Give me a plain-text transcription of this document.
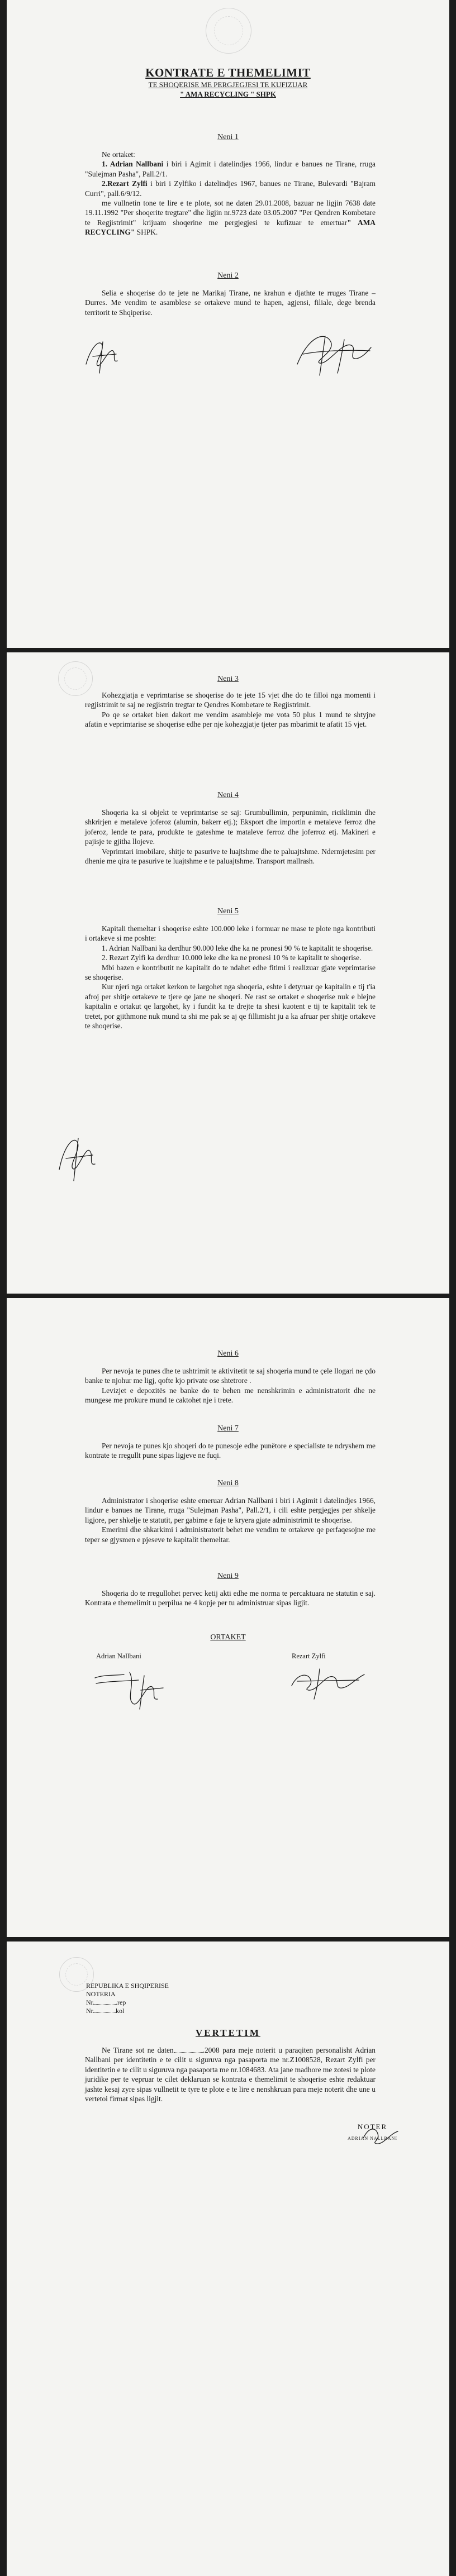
KONTRATE E THEMELIMIT

TE SHOQERISE ME PERGJEGJESI TE KUFIZUAR

" AMA RECYCLING " SHPK

Neni 1

Ne ortaket:

1. Adrian Nallbani i biri i Agimit i datelindjes 1966, lindur e banues ne Tirane, rruga "Sulejman Pasha", Pall.2/1.

2.Rezart Zylfi i biri i Zylfiko i datelindjes 1967, banues ne Tirane, Bulevardi "Bajram Curri", pall.6/9/12.

me vullnetin tone te lire e te plote, sot ne daten 29.01.2008, bazuar ne ligjin 7638 date 19.11.1992 "Per shoqerite tregtare" dhe ligjin nr.9723 date 03.05.2007 "Per Qendren Kombetare te Regjistrimit" krijuam shoqerine me pergjegjesi te kufizuar te emertuar" AMA RECYCLING" SHPK.

Neni 2

Selia e shoqerise do te jete ne Marikaj Tirane, ne krahun e djathte te rruges Tirane – Durres. Me vendim te asamblese se ortakeve mund te hapen, agjensi, filiale, dege brenda territorit te Shqiperise.

Neni 3

Kohezgjatja e veprimtarise se shoqerise do te jete 15 vjet dhe do te filloi nga momenti i regjistrimit te saj ne regjistrin tregtar te Qendres Kombetare te Regjistrimit.

Po qe se ortaket bien dakort me vendim asambleje me vota 50 plus 1 mund te shtyjne afatin e veprimtarise se shoqerise edhe per nje kohezgjatje tjeter pas mbarimit te afatit 15 vjet.

Neni 4

Shoqeria ka si objekt te veprimtarise se saj: Grumbullimin, perpunimin, riciklimin dhe shkrirjen e metaleve joferoz (alumin, bakerr etj.); Eksport dhe importin e metaleve ferroz dhe joferoz, lende te para, produkte te gateshme te mataleve ferroz dhe joferroz etj. Makineri e pajisje te gjitha llojeve.

Veprimtari imobilare, shitje te pasurive te luajtshme dhe te paluajtshme. Ndermjetesim per dhenie me qira te pasurive te luajtshme e te paluajtshme. Transport mallrash.

Neni 5

Kapitali themeltar i shoqerise eshte 100.000 leke i formuar ne mase te plote nga kontributi i ortakeve si me poshte:

1. Adrian Nallbani ka derdhur 90.000 leke dhe ka ne pronesi 90 % te kapitalit te shoqerise.

2. Rezart Zylfi ka derdhur 10.000 leke dhe ka ne pronesi 10 % te kapitalit te shoqerise.

Mbi bazen e kontributit ne kapitalit do te ndahet edhe fitimi i realizuar gjate veprimtarise se shoqerise.

Kur njeri nga ortaket kerkon te largohet nga shoqeria, eshte i detyruar qe kapitalin e tij t'ia afroj per shitje ortakeve te tjere qe jane ne shoqeri. Ne rast se ortaket e shoqerise nuk e blejne kapitalin e ortakut qe largohet, ky i fundit ka te drejte ta shesi kuotent e tij te kapitalit tek te tretet, por gjithmone nuk mund ta shi me pak se aj qe fillimisht ju a ka afruar per shitje ortakeve te shoqerise.

Neni 6

Per nevoja te punes dhe te ushtrimit te aktivitetit te saj shoqeria mund te çele llogari ne çdo banke te njohur me ligj, qofte kjo private ose shtetrore .

Levizjet e depozitës ne banke do te behen me nenshkrimin e administratorit dhe ne mungese me prokure mund te caktohet nje i trete.

Neni 7

Per nevoja te punes kjo shoqeri do te punesoje edhe punëtore e specialiste te ndryshem me kontrate te rregullt pune sipas ligjeve ne fuqi.

Neni 8

Administrator i shoqerise eshte emeruar Adrian Nallbani i biri i Agimit i datelindjes 1966, lindur e banues ne Tirane, rruga "Sulejman Pasha", Pall.2/1, i cili eshte pergjegjes per shkelje ligjore, per shkelje te statutit, per gabime e faje te kryera gjate administrimit te shoqerise.

Emerimi dhe shkarkimi i administratorit behet me vendim te ortakeve qe perfaqesojne me teper se gjysmen e pjeseve te kapitalit themeltar.

Neni 9

Shoqeria do te rregullohet pervec ketij akti edhe me norma te percaktuara ne statutin e saj. Kontrata e themelimit u perpilua ne 4 kopje per tu administruar sipas ligjit.

ORTAKET

Adrian Nallbani	Rezart Zylfi
REPUBLIKA E SHQIPERISE
NOTERIA
Nr.	.rep
Nr.	kol

VERTETIM

Ne Tirane sot ne daten	.2008 para meje noterit u paraqiten personalisht Adrian Nallbani per identitetin e te cilit u siguruva nga pasaporta me nr.Z1008528, Rezart Zylfi per identitetin e te cilit u siguruva nga pasaporta me nr.1084683. Ata jane madhore me zotesi te plote juridike per te vepruar te cilet deklaruan se kontrata e themelimit te shoqerise eshte redaktuar jashte kesaj zyre sipas vullnetit te tyre te plote e te lire e nenshkruan para meje noterit dhe une u vertetoi firmat sipas ligjit.

NOTER
ADRIAN NALLBANI
